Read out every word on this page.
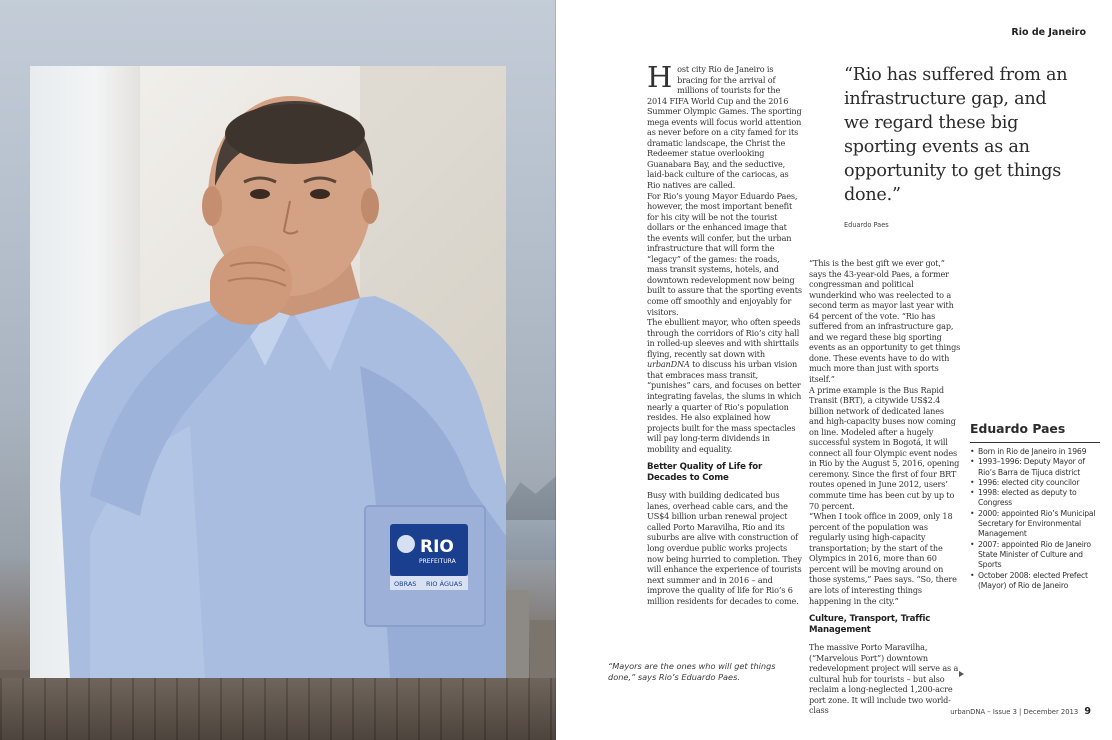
RIO
PREFEITURA
OBRAS RIO ÁGUAS
Rio de Janeiro

H ost city Rio de Janeiro is bracing for the arrival of millions of tourists for the 2014 FIFA World Cup and the 2016 Summer Olympic Games. The sporting mega events will focus world attention as never before on a city famed for its dramatic landscape, the Christ the Redeemer statue overlooking Guanabara Bay, and the seductive, laid-back culture of the cariocas, as Rio natives are called.

For Rio’s young Mayor Eduardo Paes, however, the most important benefit for his city will be not the tourist dollars or the enhanced image that the events will confer, but the urban infrastructure that will form the “legacy” of the games: the roads, mass transit systems, hotels, and downtown redevelopment now being built to assure that the sporting events come off smoothly and enjoyably for visitors.

The ebullient mayor, who often speeds through the corridors of Rio’s city hall in rolled-up sleeves and with shirttails flying, recently sat down with urbanDNA to discuss his urban vision that embraces mass transit, “punishes” cars, and focuses on better integrating favelas, the slums in which nearly a quarter of Rio’s population resides. He also explained how projects built for the mass spectacles will pay long-term dividends in mobility and equality.

Better Quality of Life for Decades to Come

Busy with building dedicated bus lanes, overhead cable cars, and the US$4 billion urban renewal project called Porto Maravilha, Rio and its suburbs are alive with construction of long overdue public works projects now being hurried to completion. They will enhance the experience of tourists next summer and in 2016 – and improve the quality of life for Rio’s 6 million residents for decades to come.

“Rio has suffered from an infrastructure gap, and we regard these big sporting events as an opportunity to get things done.”
Eduardo Paes

“This is the best gift we ever got,” says the 43-year-old Paes, a former congressman and political wunderkind who was reelected to a second term as mayor last year with 64 percent of the vote. “Rio has suffered from an infrastructure gap, and we regard these big sporting events as an opportunity to get things done. These events have to do with much more than just with sports itself.”

A prime example is the Bus Rapid Transit (BRT), a citywide US$2.4 billion network of dedicated lanes and high-capacity buses now coming on line. Modeled after a hugely successful system in Bogotá, it will connect all four Olympic event nodes in Rio by the August 5, 2016, opening ceremony. Since the first of four BRT routes opened in June 2012, users’ commute time has been cut by up to 70 percent.

“When I took office in 2009, only 18 percent of the population was regularly using high-capacity transportation; by the start of the Olympics in 2016, more than 60 percent will be moving around on those systems,” Paes says. “So, there are lots of interesting things happening in the city.”

Culture, Transport, Traffic Management

The massive Porto Maravilha, (“Marvelous Port”) downtown redevelopment project will serve as a cultural hub for tourists – but also reclaim a long-neglected 1,200-acre port zone. It will include two world-class

Eduardo Paes
• Born in Rio de Janeiro in 1969
• 1993–1996: Deputy Mayor of Rio’s Barra de Tijuca district
• 1996: elected city councilor
• 1998: elected as deputy to Congress
• 2000: appointed Rio’s Municipal Secretary for Environmental Management
• 2007: appointed Rio de Janeiro State Minister of Culture and Sports
• October 2008: elected Prefect (Mayor) of Rio de Janeiro
urbanDNA – Issue 3 | December 2013 9
“Mayors are the ones who will get things done,” says Rio’s Eduardo Paes.
